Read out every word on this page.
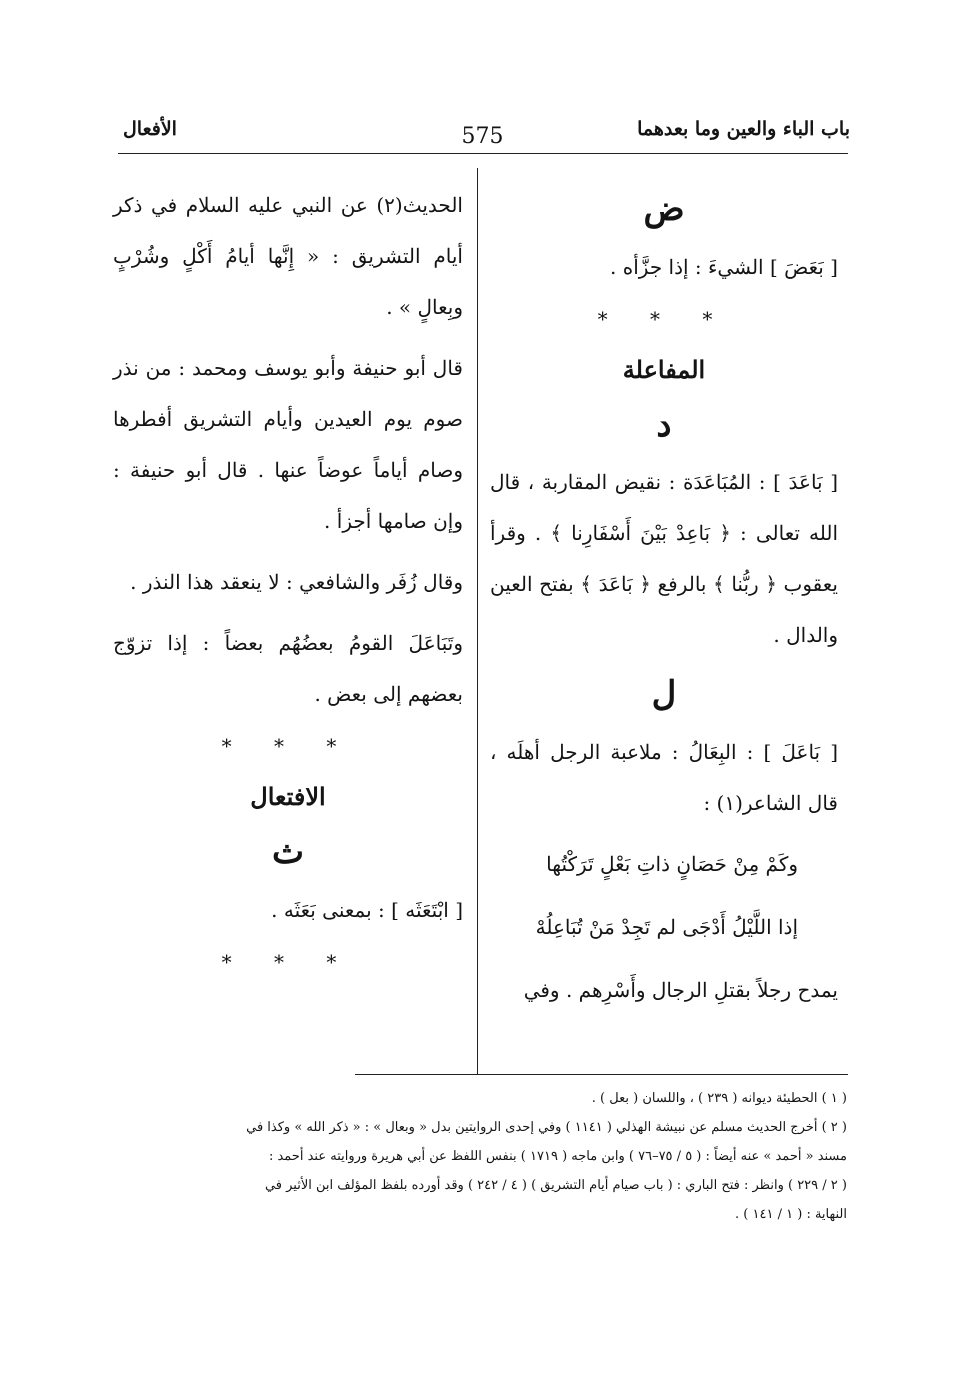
باب الباء والعين وما بعدهما
575
الأفعال
ض

[ بَعَضَ ] الشيءَ : إذا جزَّأه .

* * *
المفاعلة
د

[ بَاعَدَ ] : المُبَاعَدَة : نقيض المقاربة ، قال الله تعالى : ﴿ بَاعِدْ بَيْنَ أَسْفَارِنا ﴾ . وقرأ يعقوب ﴿ ربُّنا ﴾ بالرفع ﴿ بَاعَدَ ﴾ بفتح العين والدال .

ل

[ بَاعَلَ ] : البِعَالُ : ملاعبة الرجل أهلَه ، قال الشاعر(١) :

وكَمْ مِنْ حَصَانٍ ذاتِ بَعْلٍ تَرَكْتُها
إذا اللَّيْلُ أَدْجَى لم تَجِدْ مَنْ تُبَاعِلُهْ

يمدح رجلاً بقتلِ الرجال وأَسْرِهم . وفي

الحديث(٢) عن النبي عليه السلام في ذكر أيام التشريق : « إِنَّها أيامُ أَكْلٍ وشُرْبٍ وبِعالٍ » .

قال أبو حنيفة وأبو يوسف ومحمد : من نذر صوم يوم العيدين وأيام التشريق أفطرها وصام أياماً عوضاً عنها . قال أبو حنيفة : وإن صامها أجزأ .

وقال زُفَر والشافعي : لا ينعقد هذا النذر .

وتَبَاعَلَ القومُ بعضُهُم بعضاً : إذا تزوّج بعضهم إلى بعض .

* * *
الافتعال
ث

[ ابْتَعَثَه ] : بمعنى بَعَثَه .

* * *

( ١ ) الحطيئة ديوانه ( ٢٣٩ ) ، واللسان ( بعل ) .

( ٢ ) أخرج الحديث مسلم عن نبيشة الهذلي ( ١١٤١ ) وفي إحدى الروايتين بدل « وبعال » : « ذكر الله » وكذا في

مسند « أحمد » عنه أيضاً : ( ٥ / ٧٥–٧٦ ) وابن ماجه ( ١٧١٩ ) بنفس اللفظ عن أبي هريرة وروايته عند أحمد :

( ٢ / ٢٢٩ ) وانظر : فتح الباري : ( باب صيام أيام التشريق ) ( ٤ / ٢٤٢ ) وقد أورده بلفظ المؤلف ابن الأثير في

النهاية : ( ١ / ١٤١ ) .
